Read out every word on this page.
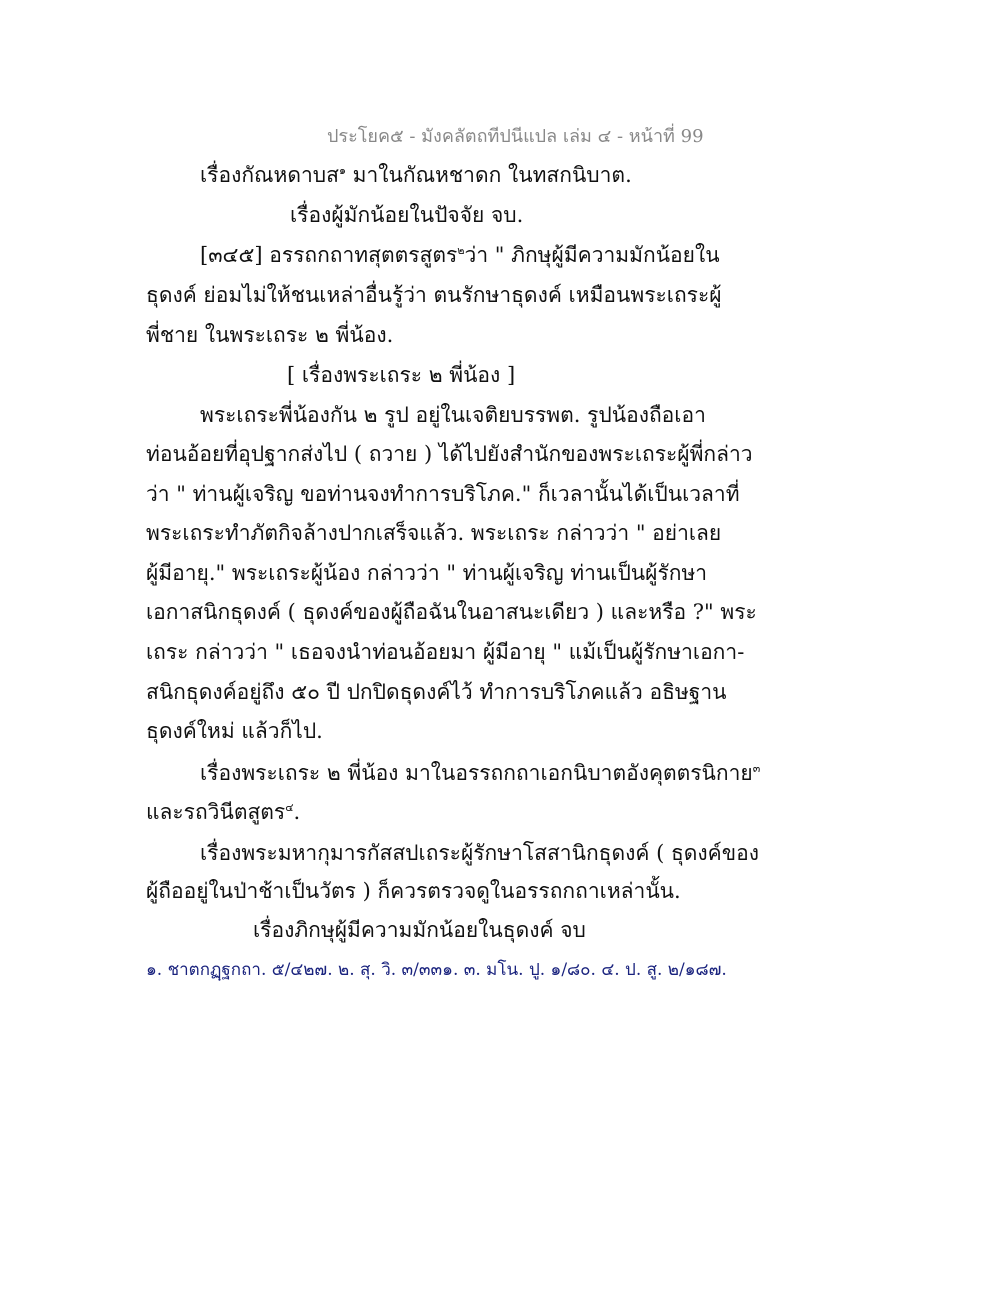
ประโยค๕ - มังคลัตถทีปนีแปล เล่ม ๔ - หน้าที่ 99
เรื่องกัณหดาบส$^๑$ มาในกัณหชาดก ในทสกนิบาต.
เรื่องผู้มักน้อยในปัจจัย จบ.
[๓๔๕] อรรถกถาทสุตตรสูตร$^๒$ว่า " ภิกษุผู้มีความมักน้อยใน
ธุดงค์ ย่อมไม่ให้ชนเหล่าอื่นรู้ว่า ตนรักษาธุดงค์ เหมือนพระเถระผู้
พี่ชาย ในพระเถระ ๒ พี่น้อง.
[ เรื่องพระเถระ ๒ พี่น้อง ]
พระเถระพี่น้องกัน ๒ รูป อยู่ในเจติยบรรพต. รูปน้องถือเอา
ท่อนอ้อยที่อุปฐากส่งไป ( ถวาย ) ได้ไปยังสำนักของพระเถระผู้พี่กล่าว
ว่า " ท่านผู้เจริญ ขอท่านจงทำการบริโภค." ก็เวลานั้นได้เป็นเวลาที่
พระเถระทำภัตกิจล้างปากเสร็จแล้ว. พระเถระ กล่าวว่า " อย่าเลย
ผู้มีอายุ." พระเถระผู้น้อง กล่าวว่า " ท่านผู้เจริญ ท่านเป็นผู้รักษา
เอกาสนิกธุดงค์ ( ธุดงค์ของผู้ถือฉันในอาสนะเดียว ) และหรือ ?" พระ
เถระ กล่าวว่า " เธอจงนำท่อนอ้อยมา ผู้มีอายุ " แม้เป็นผู้รักษาเอกา-
สนิกธุดงค์อยู่ถึง ๕๐ ปี ปกปิดธุดงค์ไว้ ทำการบริโภคแล้ว อธิษฐาน
ธุดงค์ใหม่ แล้วก็ไป.
เรื่องพระเถระ ๒ พี่น้อง มาในอรรถกถาเอกนิบาตอังคุตตรนิกาย$^๓$
และรถวินีตสูตร$^๔$.
เรื่องพระมหากุมารกัสสปเถระผู้รักษาโสสานิกธุดงค์ ( ธุดงค์ของ
ผู้ถืออยู่ในป่าช้าเป็นวัตร ) ก็ควรตรวจดูในอรรถกถาเหล่านั้น.
เรื่องภิกษุผู้มีความมักน้อยในธุดงค์ จบ
๑. ชาตกฏฺฐกถา. ๕/๔๒๗. ๒. สุ. วิ. ๓/๓๓๑. ๓. มโน. ปู. ๑/๘๐. ๔. ป. สู. ๒/๑๘๗.
